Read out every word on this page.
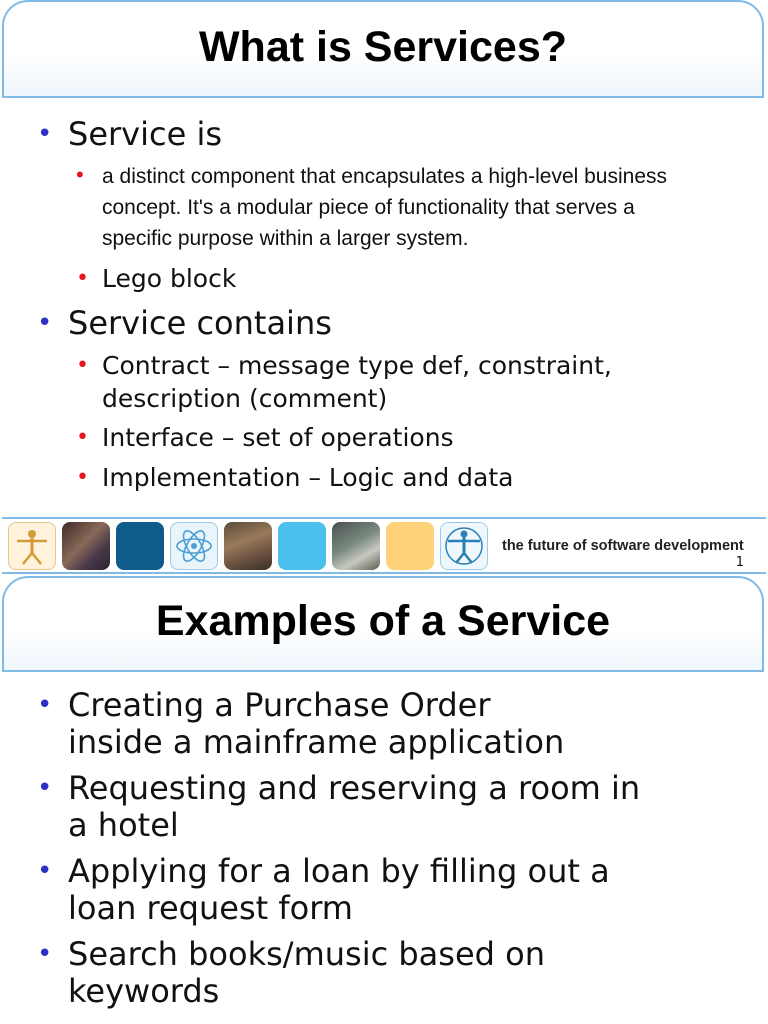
What is Services?
• Service is
• a distinct component that encapsulates a high-level business concept. It's a modular piece of functionality that serves a specific purpose within a larger system.
• Lego block
• Service contains
• Contract – message type def, constraint, description (comment)
• Interface – set of operations
• Implementation – Logic and data
the future of software development
1
Examples of a Service
• Creating a Purchase Order inside a mainframe application
• Requesting and reserving a room in a hotel
• Applying for a loan by filling out a loan request form
• Search books/music based on keywords
